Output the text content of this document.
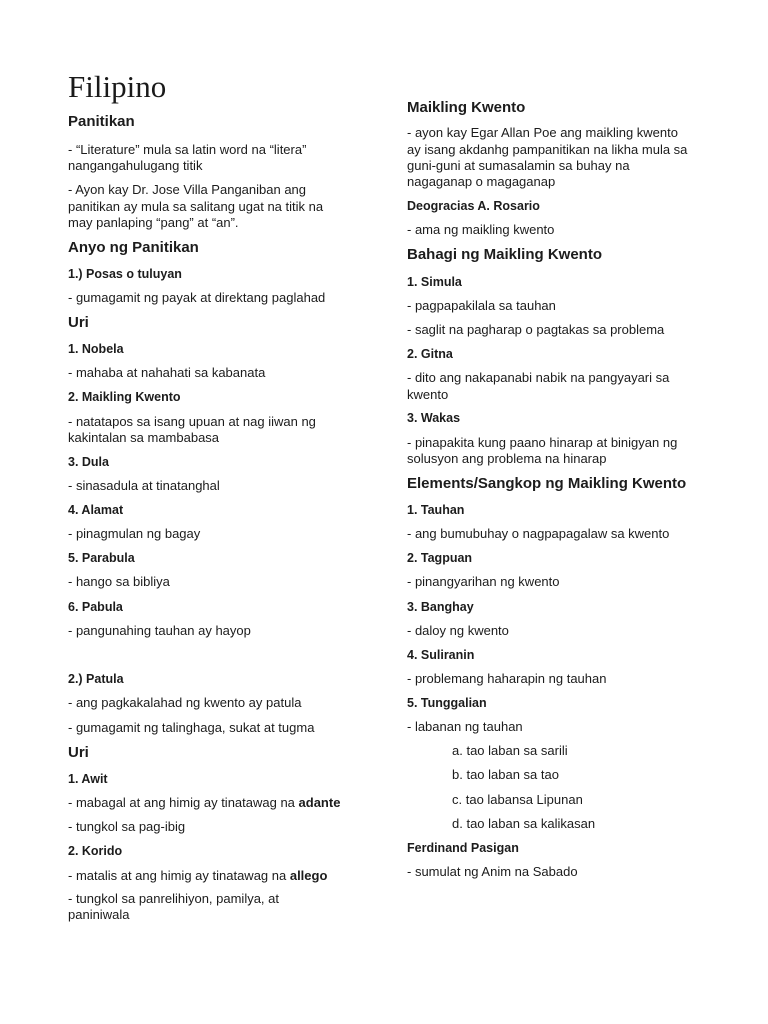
Filipino
Panitikan
- “Literature” mula sa latin word na “litera”
nangangahulugang titik
- Ayon kay Dr. Jose Villa Panganiban ang
panitikan ay mula sa salitang ugat na titik na
may panlaping “pang” at “an”.
Anyo ng Panitikan
1.) Posas o tuluyan
- gumagamit ng payak at direktang paglahad
Uri
1. Nobela
- mahaba at nahahati sa kabanata
2. Maikling Kwento
- natatapos sa isang upuan at nag iiwan ng
kakintalan sa mambabasa
3. Dula
- sinasadula at tinatanghal
4. Alamat
- pinagmulan ng bagay
5. Parabula
- hango sa bibliya
6. Pabula
- pangunahing tauhan ay hayop
2.) Patula
- ang pagkakalahad ng kwento ay patula
- gumagamit ng talinghaga, sukat at tugma
Uri
1. Awit
- mabagal at ang himig ay tinatawag na adante
- tungkol sa pag-ibig
2. Korido
- matalis at ang himig ay tinatawag na allego
- tungkol sa panrelihiyon, pamilya, at
paniniwala
Maikling Kwento
- ayon kay Egar Allan Poe ang maikling kwento
ay isang akdanhg pampanitikan na likha mula sa
guni-guni at sumasalamin sa buhay na
nagaganap o magaganap
Deogracias A. Rosario
- ama ng maikling kwento
Bahagi ng Maikling Kwento
1. Simula
- pagpapakilala sa tauhan
- saglit na pagharap o pagtakas sa problema
2. Gitna
- dito ang nakapanabi nabik na pangyayari sa
kwento
3. Wakas
- pinapakita kung paano hinarap at binigyan ng
solusyon ang problema na hinarap
Elements/Sangkop ng Maikling Kwento
1. Tauhan
- ang bumubuhay o nagpapagalaw sa kwento
2. Tagpuan
- pinangyarihan ng kwento
3. Banghay
- daloy ng kwento
4. Suliranin
- problemang haharapin ng tauhan
5. Tunggalian
- labanan ng tauhan
a. tao laban sa sarili
b. tao laban sa tao
c. tao labansa Lipunan
d. tao laban sa kalikasan
Ferdinand Pasigan
- sumulat ng Anim na Sabado
